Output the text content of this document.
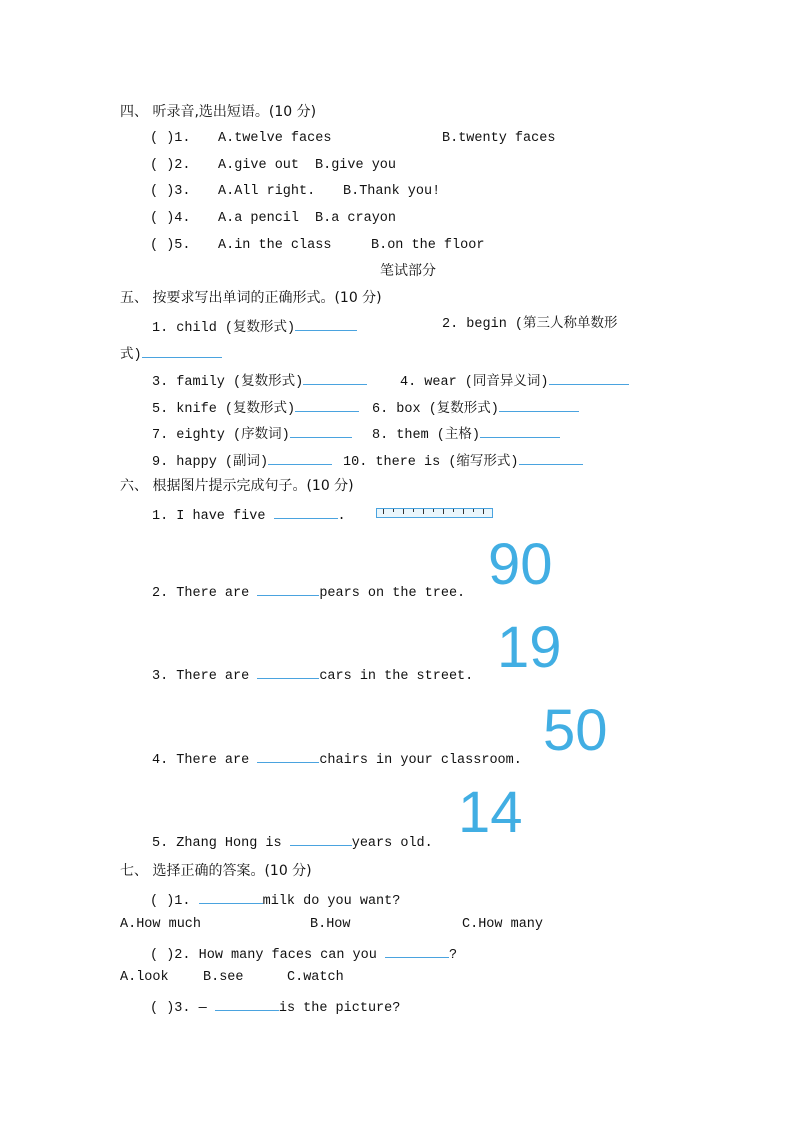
四、 听录音,选出短语。(10 分)
( )1. A.twelve faces	B.twenty faces
( )2. A.give out B.give you
( )3. A.All right. B.Thank you!
( )4. A.a pencil B.a crayon
( )5. A.in the class	B.on the floor
笔试部分
五、 按要求写出单词的正确形式。(10 分)
1. child (复数形式)	2. begin (第三人称单数形
式)
3. family (复数形式)	4. wear (同音异义词)
5. knife (复数形式)	6. box (复数形式)
7. eighty (序数词)	8. them (主格)
9. happy (副词)	10. there is (缩写形式)
六、 根据图片提示完成句子。(10 分)
1. I have five	.
2. There are	pears on the tree. 90
3. There are	cars in the street. 19
4. There are	chairs in your classroom. 50
5. Zhang Hong is	years old. 14
七、 选择正确的答案。(10 分)
( )1.	milk do you want?
A.How much	B.How	C.How many
( )2. How many faces can you	?
A.look	B.see	C.watch
( )3. —	is the picture?
